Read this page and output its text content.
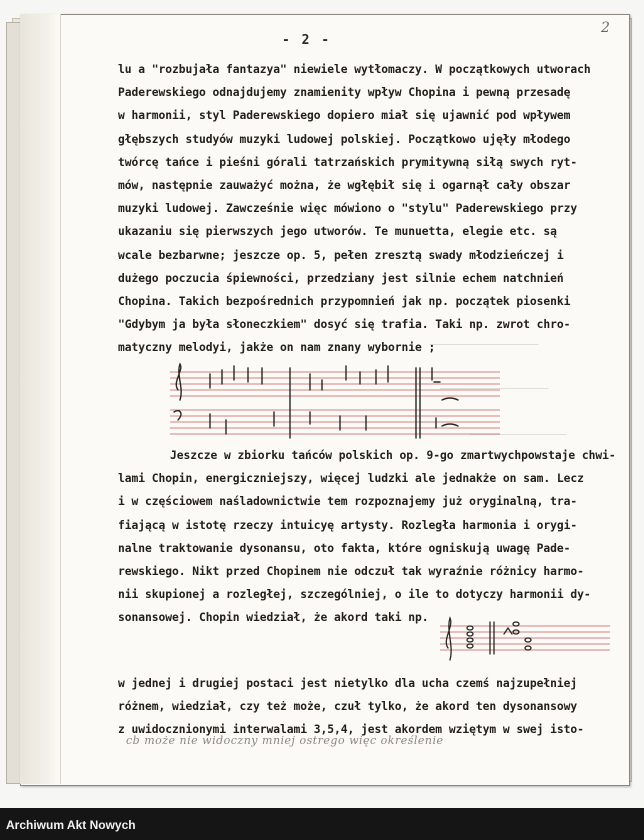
──────────────────
──────────────────
────────────────
- 2 -
2
lu a "rozbujała fantazya" niewiele wytłomaczy. W początkowych utworach
Paderewskiego odnajdujemy znamienity wpływ Chopina i pewną przesadę
w harmonii, styl Paderewskiego dopiero miał się ujawnić pod wpływem
głębszych studyów muzyki ludowej polskiej. Początkowo ujęły młodego
twórcę tańce i pieśni górali tatrzańskich prymitywną siłą swych ryt-
mów, następnie zauważyć można, że wgłębił się i ogarnął cały obszar
muzyki ludowej. Zawcześnie więc mówiono o "stylu" Paderewskiego przy
ukazaniu się pierwszych jego utworów. Te munuetta, elegie etc. są
wcale bezbarwne; jeszcze op. 5, pełen zresztą swady młodzieńczej i
dużego poczucia śpiewności, przedziany jest silnie echem natchnień
Chopina. Takich bezpośrednich przypomnień jak np. początek piosenki
"Gdybym ja była słoneczkiem" dosyć się trafia. Taki np. zwrot chro-
matyczny melodyi, jakże on nam znany wybornie ;
Jeszcze w zbiorku tańców polskich op. 9-go zmartwychpowstaje chwi-
lami Chopin, energiczniejszy, więcej ludzki ale jednakże on sam. Lecz
i w częściowem naśladownictwie tem rozpoznajemy już oryginalną, tra-
fiającą w istotę rzeczy intuicyę artysty. Rozległa harmonia i orygi-
nalne traktowanie dysonansu, oto fakta, które ogniskują uwagę Pade-
rewskiego. Nikt przed Chopinem nie odczuł tak wyraźnie różnicy harmo-
nii skupionej a rozległej, szczególniej, o ile to dotyczy harmonii dy-
sonansowej. Chopin wiedział, że akord taki np.
w jednej i drugiej postaci jest nietylko dla ucha czemś najzupełniej
różnem, wiedział, czy też może, czuł tylko, że akord ten dysonansowy
z uwidocznionymi interwalami 3,5,4, jest akordem wziętym w swej isto-
cb może nie widoczny mniej ostrego więc określenie
Archiwum Akt Nowych
